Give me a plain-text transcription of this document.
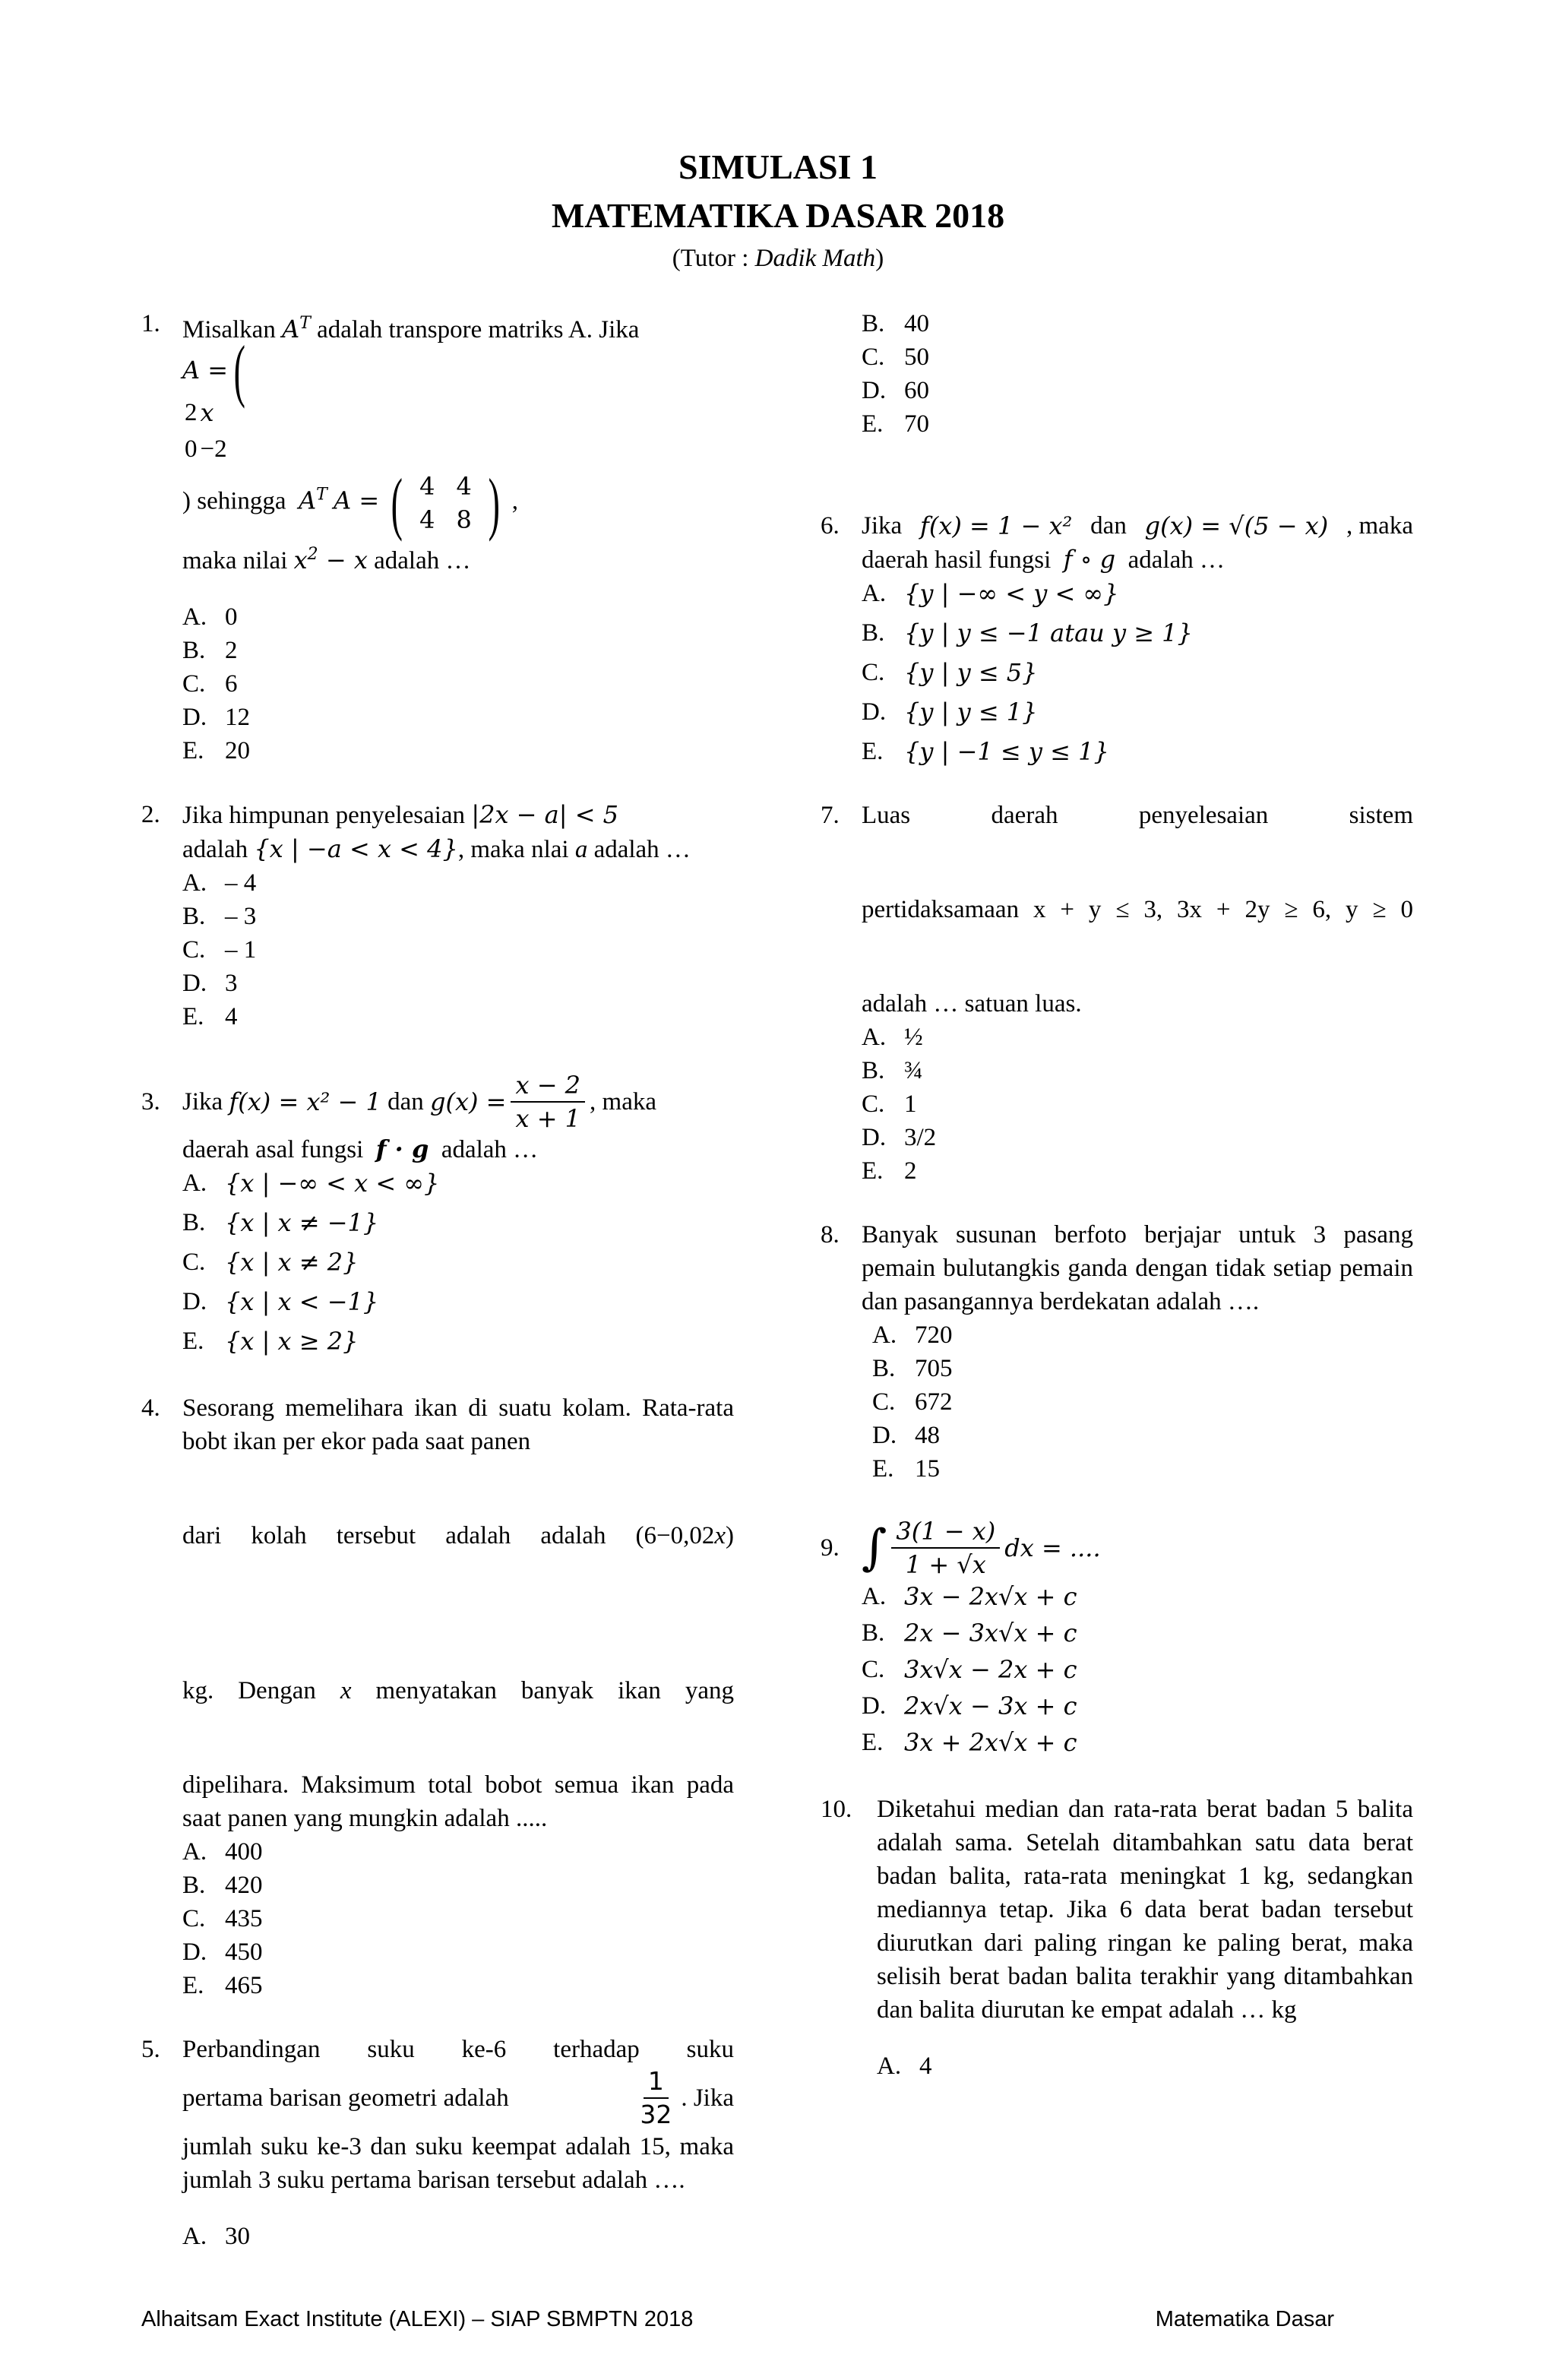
SIMULASI 1
MATEMATIKA DASAR 2018
(Tutor : Dadik Math)
1. Misalkan $A^T$ adalah transpore matriks A. Jika

A = (

2	x
0	−2
) sehingga $A^T$ A = ( 4	4
4	8 ) ,

maka nilai $x^2 - x$ adalah …

A. 0
B. 2
C. 6
D. 12
E. 20
2. Jika himpunan penyelesaian |2x − a| < 5

adalah {x | −a < x < 4}, maka nlai a adalah …

A. – 4
B. – 3
C. – 1
D. 3
E. 4
3. Jika
f(x) = x² − 1
dan
$g(x) = \frac{x - 2}{x + 1}$ , maka

daerah asal fungsi f · g adalah …

A. {x | −∞ < x < ∞}
B. {x | x ≠ −1}
C. {x | x ≠ 2}
D. {x | x < −1}
E. {x | x ≥ 2}
4. Sesorang memelihara ikan di suatu kolam. Rata-rata bobt ikan per ekor pada saat panen

dari kolah tersebut adalah adalah (6−0,02x)

kg. Dengan x menyatakan banyak ikan yang

dipelihara. Maksimum total bobot semua ikan pada saat panen yang mungkin adalah .....

A. 400
B. 420
C. 435
D. 450
E. 465
5. Perbandingan suku ke-6 terhadap suku

pertama barisan geometri adalah	$\frac{1}{32}$ . Jika

jumlah suku ke-3 dan suku keempat adalah 15, maka jumlah 3 suku pertama barisan tersebut adalah ….

A. 30
B. 40
C. 50
D. 60
E. 70
6. Jika f(x) = 1 − x² dan g(x) = √(5 − x) , maka

daerah hasil fungsi f ∘ g adalah …

A. {y | −∞ < y < ∞}
B. {y | y ≤ −1 atau y ≥ 1}
C. {y | y ≤ 5}
D. {y | y ≤ 1}
E. {y | −1 ≤ y ≤ 1}
7. Luas daerah penyelesaian sistem

pertidaksamaan x + y ≤ 3, 3x + 2y ≥ 6, y ≥ 0

adalah … satuan luas.

A. ½
B. ¾
C. 1
D. 3/2
E. 2
8. Banyak susunan berfoto berjajar untuk 3 pasang pemain bulutangkis ganda dengan tidak setiap pemain dan pasangannya berdekatan adalah ….

A. 720
B. 705
C. 672
D. 48
E. 15
9. ∫ $\frac{3(1 - x)}{1 + √x}$ dx = ....

A. 3x − 2x√x + c
B. 2x − 3x√x + c
C. 3x√x − 2x + c
D. 2x√x − 3x + c
E. 3x + 2x√x + c
10. Diketahui median dan rata-rata berat badan 5 balita adalah sama. Setelah ditambahkan satu data berat badan balita, rata-rata meningkat 1 kg, sedangkan mediannya tetap. Jika 6 data berat badan tersebut diurutkan dari paling ringan ke paling berat, maka selisih berat badan balita terakhir yang ditambahkan dan balita diurutan ke empat adalah … kg

A. 4
Alhaitsam Exact Institute (ALEXI) – SIAP SBMPTN 2018	Matematika Dasar
